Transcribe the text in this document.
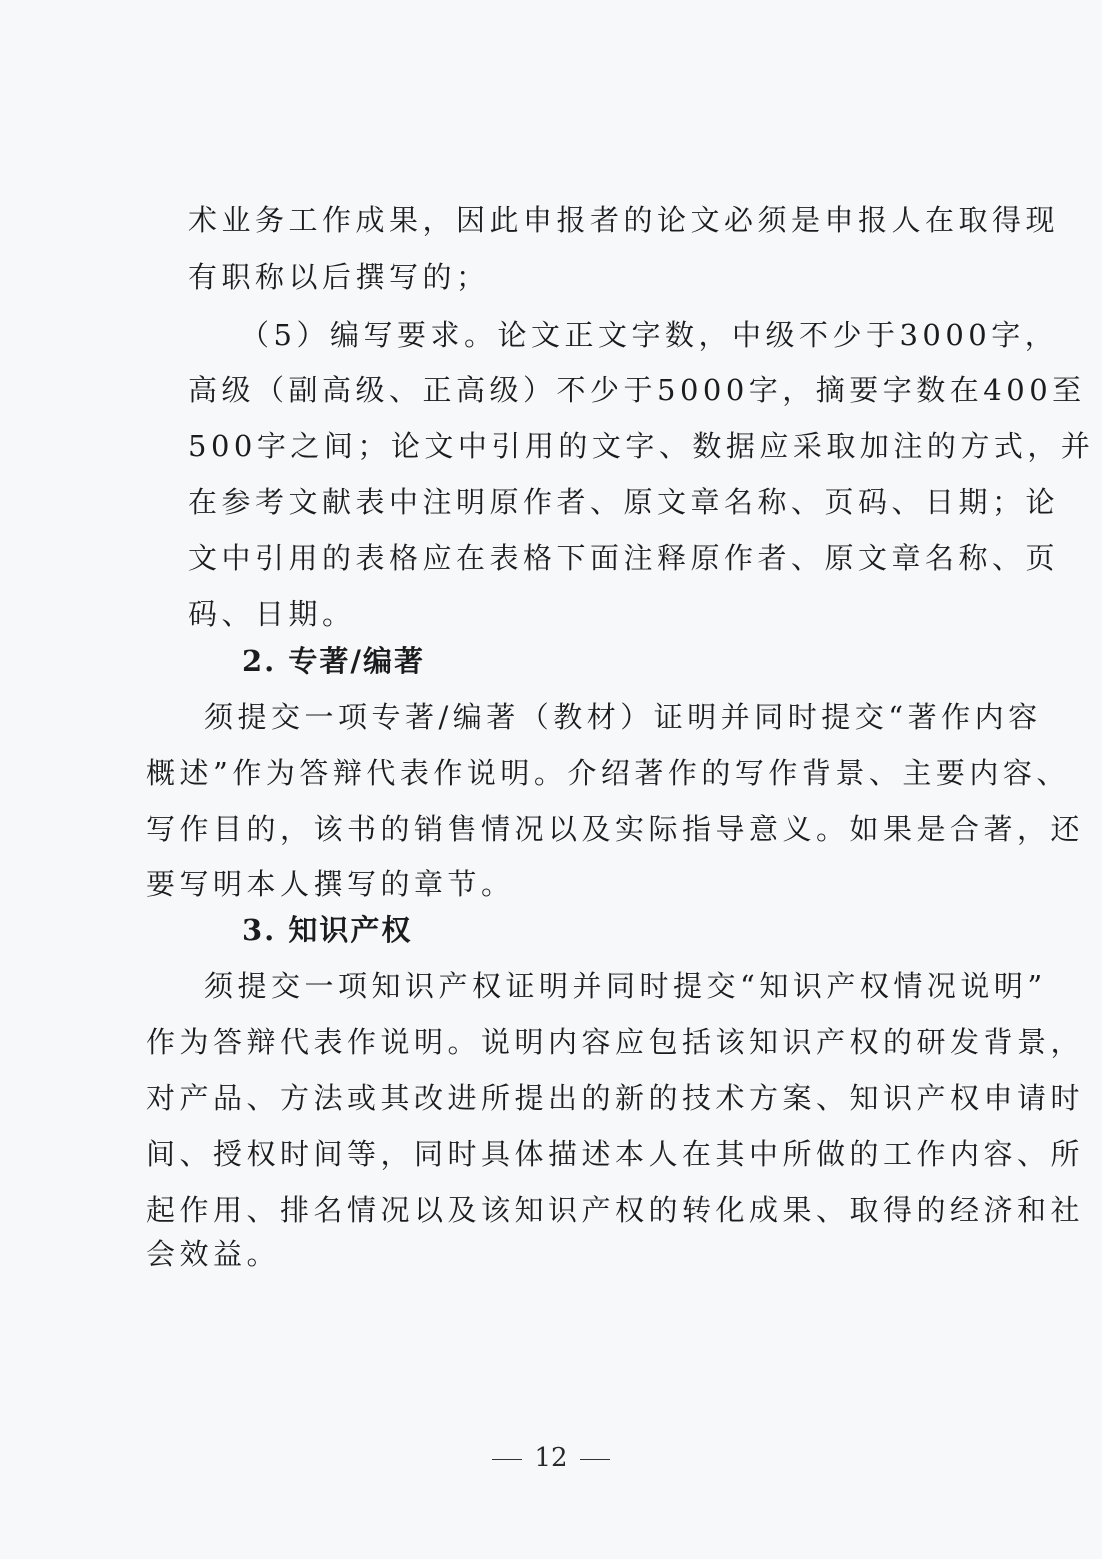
术业务工作成果，因此申报者的论文必须是申报人在取得现
有职称以后撰写的；
（5）编写要求。论文正文字数，中级不少于3000字，
高级（副高级、正高级）不少于5000字，摘要字数在400至
500字之间；论文中引用的文字、数据应采取加注的方式，并
在参考文献表中注明原作者、原文章名称、页码、日期；论
文中引用的表格应在表格下面注释原作者、原文章名称、页
码、日期。
2. 专著/编著
须提交一项专著/编著（教材）证明并同时提交“著作内容
概述”作为答辩代表作说明。介绍著作的写作背景、主要内容、
写作目的，该书的销售情况以及实际指导意义。如果是合著，还
要写明本人撰写的章节。
3. 知识产权
须提交一项知识产权证明并同时提交“知识产权情况说明”
作为答辩代表作说明。说明内容应包括该知识产权的研发背景，
对产品、方法或其改进所提出的新的技术方案、知识产权申请时
间、授权时间等，同时具体描述本人在其中所做的工作内容、所
起作用、排名情况以及该知识产权的转化成果、取得的经济和社
会效益。
12
